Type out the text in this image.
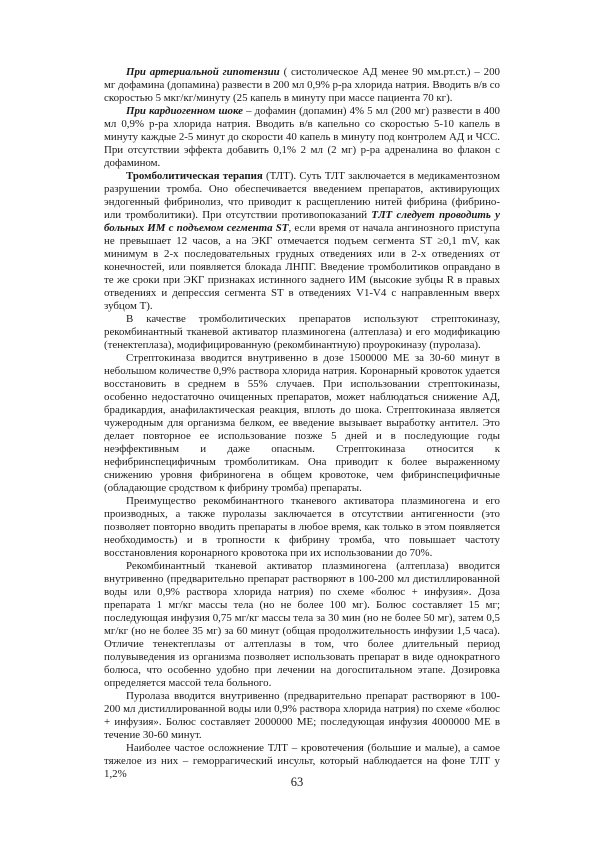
При артериальной гипотензии ( систолическое АД менее 90 мм.рт.ст.) – 200 мг дофамина (допамина) развести в 200 мл 0,9% р-ра хлорида натрия. Вводить в/в со скоростью 5 мкг/кг/минуту (25 капель в минуту при массе пациента 70 кг).

При кардиогенном шоке – дофамин (допамин) 4% 5 мл (200 мг) развести в 400 мл 0,9% р-ра хлорида натрия. Вводить в/в капельно со скоростью 5-10 капель в минуту каждые 2-5 минут до скорости 40 капель в минуту под контролем АД и ЧСС. При отсутствии эффекта добавить 0,1% 2 мл (2 мг) р-ра адреналина во флакон с дофамином.

Тромболитическая терапия (ТЛТ). Суть ТЛТ заключается в медикаментозном разрушении тромба. Оно обеспечивается введением препаратов, активирующих эндогенный фибринолиз, что приводит к расщеплению нитей фибрина (фибрино- или тромболитики). При отсутствии противопоказаний ТЛТ следует проводить у больных ИМ с подъемом сегмента ST, если время от начала ангинозного приступа не превышает 12 часов, а на ЭКГ отмечается подъем сегмента ST ≥0,1 mV, как минимум в 2-х последовательных грудных отведениях или в 2-х отведениях от конечностей, или появляется блокада ЛНПГ. Введение тромболитиков оправдано в те же сроки при ЭКГ признаках истинного заднего ИМ (высокие зубцы R в правых отведениях и депрессия сегмента ST в отведениях V1-V4 с направленным вверх зубцом T).

В качестве тромболитических препаратов используют стрептокиназу, рекомбинантный тканевой активатор плазминогена (алтеплаза) и его модификацию (тенектеплаза), модифицированную (рекомбинантную) проурокиназу (пуролаза).

Стрептокиназа вводится внутривенно в дозе 1500000 МЕ за 30-60 минут в небольшом количестве 0,9% раствора хлорида натрия. Коронарный кровоток удается восстановить в среднем в 55% случаев. При использовании стрептокиназы, особенно недостаточно очищенных препаратов, может наблюдаться снижение АД, брадикардия, анафилактическая реакция, вплоть до шока. Стрептокиназа является чужеродным для организма белком, ее введение вызывает выработку антител. Это делает повторное ее использование позже 5 дней и в последующие годы неэффективным и даже опасным. Стрептокиназа относится к нефибринспецифичным тромболитикам. Она приводит к более выраженному снижению уровня фибриногена в общем кровотоке, чем фибринспецифичные (обладающие сродством к фибрину тромба) препараты.

Преимущество рекомбинантного тканевого активатора плазминогена и его производных, а также пуролазы заключается в отсутствии антигенности (это позволяет повторно вводить препараты в любое время, как только в этом появляется необходимость) и в тропности к фибрину тромба, что повышает частоту восстановления коронарного кровотока при их использовании до 70%.

Рекомбинантный тканевой активатор плазминогена (алтеплаза) вводится внутривенно (предварительно препарат растворяют в 100-200 мл дистиллированной воды или 0,9% раствора хлорида натрия) по схеме «болюс + инфузия». Доза препарата 1 мг/кг массы тела (но не более 100 мг). Болюс составляет 15 мг; последующая инфузия 0,75 мг/кг массы тела за 30 мин (но не более 50 мг), затем 0,5 мг/кг (но не более 35 мг) за 60 минут (общая продолжительность инфузии 1,5 часа). Отличие тенектеплазы от алтеплазы в том, что более длительный период полувыведения из организма позволяет использовать препарат в виде однократного болюса, что особенно удобно при лечении на догоспитальном этапе. Дозировка определяется массой тела больного.

Пуролаза вводится внутривенно (предварительно препарат растворяют в 100-200 мл дистиллированной воды или 0,9% раствора хлорида натрия) по схеме «болюс + инфузия». Болюс составляет 2000000 МЕ; последующая инфузия 4000000 МЕ в течение 30-60 минут.

Наиболее частое осложнение ТЛТ – кровотечения (большие и малые), а самое тяжелое из них – геморрагический инсульт, который наблюдается на фоне ТЛТ у 1,2%

63
